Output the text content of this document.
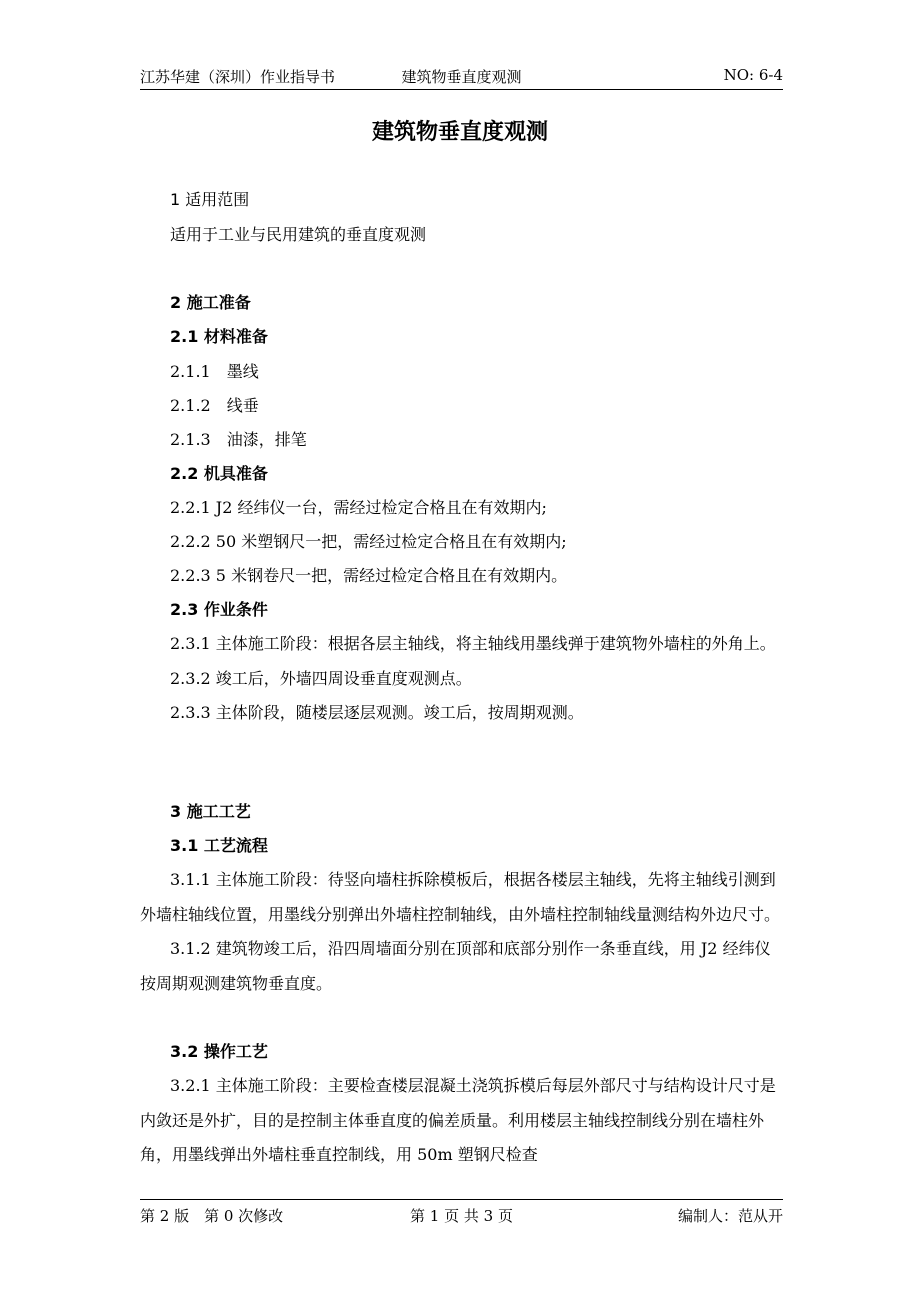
江苏华建（深圳）作业指导书	建筑物垂直度观测	NO: 6-4
建筑物垂直度观测
1 适用范围
适用于工业与民用建筑的垂直度观测
2 施工准备
2.1 材料准备
2.1.1　墨线
2.1.2　线垂
2.1.3　油漆，排笔
2.2 机具准备
2.2.1 J2 经纬仪一台，需经过检定合格且在有效期内;
2.2.2 50 米塑钢尺一把，需经过检定合格且在有效期内;
2.2.3 5 米钢卷尺一把，需经过检定合格且在有效期内。
2.3 作业条件

2.3.1 主体施工阶段：根据各层主轴线，将主轴线用墨线弹于建筑物外墙柱的外角上。

2.3.2 竣工后，外墙四周设垂直度观测点。

2.3.3 主体阶段，随楼层逐层观测。竣工后，按周期观测。

3 施工工艺
3.1 工艺流程

3.1.1 主体施工阶段：待竖向墙柱拆除模板后，根据各楼层主轴线，先将主轴线引测到外墙柱轴线位置，用墨线分别弹出外墙柱控制轴线，由外墙柱控制轴线量测结构外边尺寸。

3.1.2 建筑物竣工后，沿四周墙面分别在顶部和底部分别作一条垂直线，用 J2 经纬仪按周期观测建筑物垂直度。

3.2 操作工艺

3.2.1 主体施工阶段：主要检查楼层混凝土浇筑拆模后每层外部尺寸与结构设计尺寸是内敛还是外扩，目的是控制主体垂直度的偏差质量。利用楼层主轴线控制线分别在墙柱外角，用墨线弹出外墙柱垂直控制线，用 50m 塑钢尺检查

第 2 版　第 0 次修改	第 1 页 共 3 页	编制人：范从开
